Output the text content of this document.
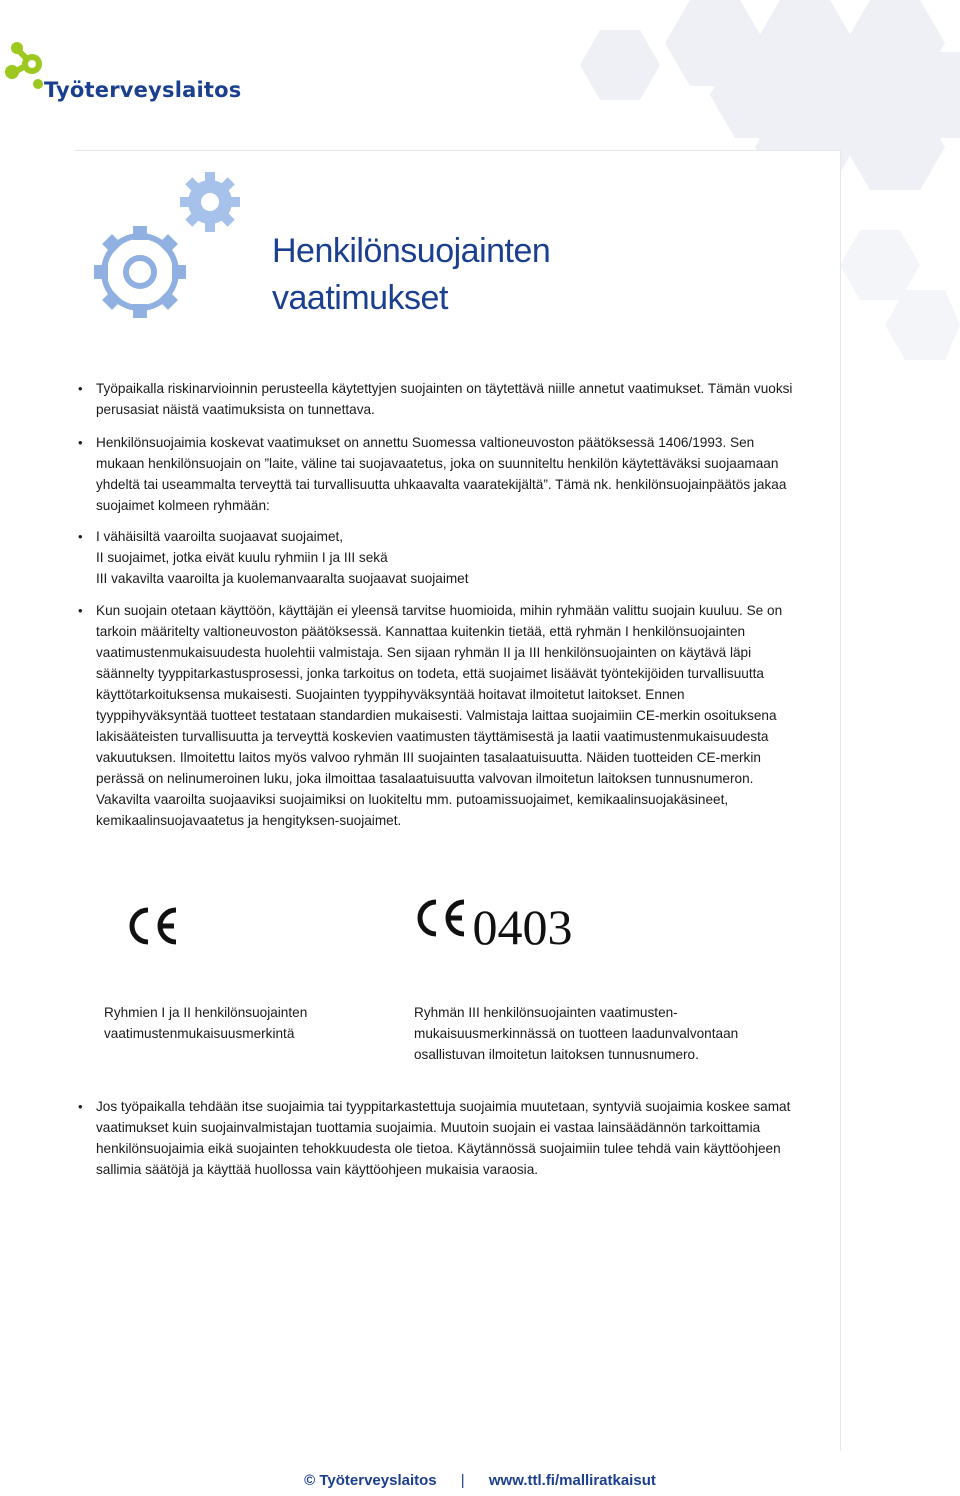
Työterveyslaitos
Henkilönsuojainten
vaatimukset

• Työpaikalla riskinarvioinnin perusteella käytettyjen suojainten on täytettävä niille annetut vaatimukset. Tämän vuoksi perusasiat näistä vaatimuksista on tunnettava.

• Henkilönsuojaimia koskevat vaatimukset on annettu Suomessa valtioneuvoston päätöksessä 1406/1993. Sen mukaan henkilönsuojain on ”laite, väline tai suojavaatetus, joka on suunniteltu henkilön käytettäväksi suojaamaan yhdeltä tai useammalta terveyttä tai turvallisuutta uhkaavalta vaaratekijältä”. Tämä nk. henkilönsuojainpäätös jakaa suojaimet kolmeen ryhmään:

• I vähäisiltä vaaroilta suojaavat suojaimet,
II suojaimet, jotka eivät kuulu ryhmiin I ja III sekä
III vakavilta vaaroilta ja kuolemanvaaralta suojaavat suojaimet

• Kun suojain otetaan käyttöön, käyttäjän ei yleensä tarvitse huomioida, mihin ryhmään valittu suojain kuuluu. Se on tarkoin määritelty valtioneuvoston päätöksessä. Kannattaa kuitenkin tietää, että ryhmän I henkilönsuojainten vaatimustenmukaisuudesta huolehtii valmistaja. Sen sijaan ryhmän II ja III henkilönsuojainten on käytävä läpi säännelty tyyppitarkastusprosessi, jonka tarkoitus on todeta, että suojaimet lisäävät työntekijöiden turvallisuutta käyttötarkoituksensa mukaisesti. Suojainten tyyppihyväksyntää hoitavat ilmoitetut laitokset. Ennen tyyppihyväksyntää tuotteet testataan standardien mukaisesti. Valmistaja laittaa suojaimiin CE-merkin osoituksena lakisääteisten turvallisuutta ja terveyttä koskevien vaatimusten täyttämisestä ja laatii vaatimustenmukaisuudesta vakuutuksen. Ilmoitettu laitos myös valvoo ryhmän III suojainten tasalaatuisuutta. Näiden tuotteiden CE-merkin perässä on nelinumeroinen luku, joka ilmoittaa tasalaatuisuutta valvovan ilmoitetun laitoksen tunnusnumeron. Vakavilta vaaroilta suojaaviksi suojaimiksi on luokiteltu mm. putoamissuojaimet, kemikaalinsuojakäsineet, kemikaalinsuojavaatetus ja hengityksen-suojaimet.

0403

Ryhmien I ja II henkilönsuojainten vaatimustenmukaisuusmerkintä

Ryhmän III henkilönsuojainten vaatimusten-mukaisuusmerkinnässä on tuotteen laadunvalvontaan osallistuvan ilmoitetun laitoksen tunnusnumero.

• Jos työpaikalla tehdään itse suojaimia tai tyyppitarkastettuja suojaimia muutetaan, syntyviä suojaimia koskee samat vaatimukset kuin suojainvalmistajan tuottamia suojaimia. Muutoin suojain ei vastaa lainsäädännön tarkoittamia henkilönsuojaimia eikä suojainten tehokkuudesta ole tietoa. Käytännössä suojaimiin tulee tehdä vain käyttöohjeen sallimia säätöjä ja käyttää huollossa vain käyttöohjeen mukaisia varaosia.

© Työterveyslaitos | www.ttl.fi/malliratkaisut
